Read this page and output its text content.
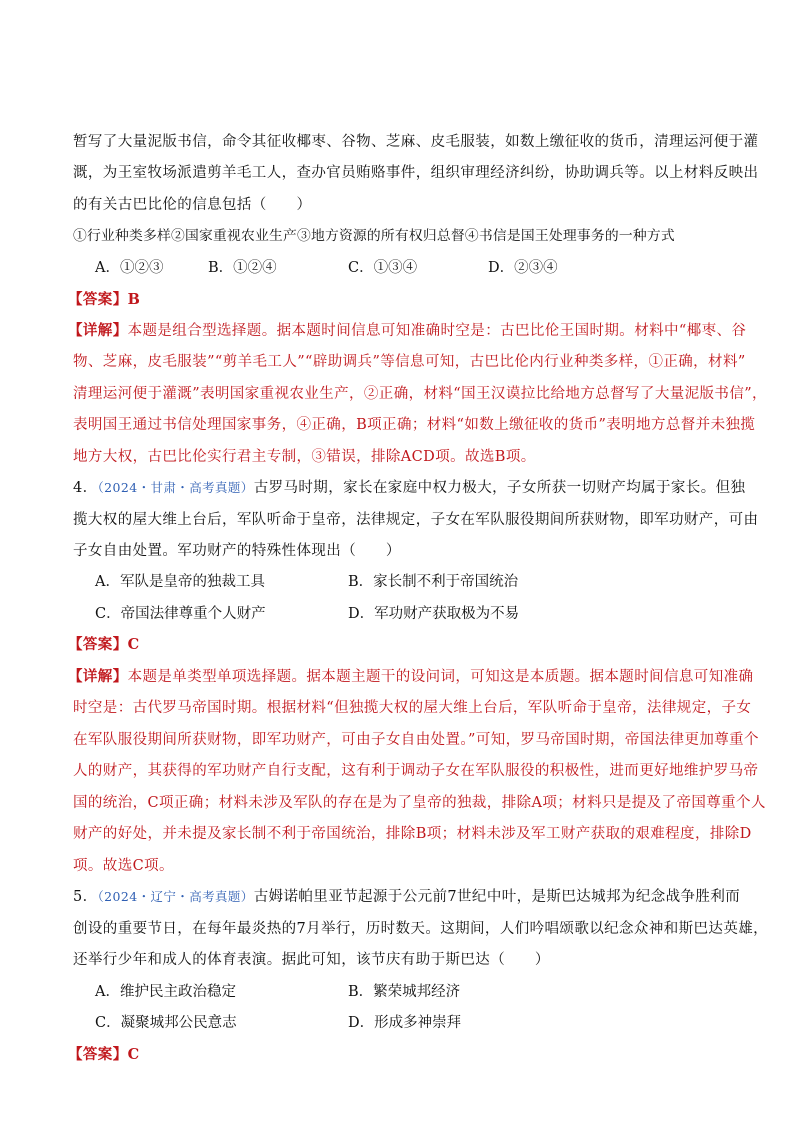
暂写了大量泥版书信，命令其征收椰枣、谷物、芝麻、皮毛服装，如数上缴征收的货币，清理运河便于灌
溉，为王室牧场派遣剪羊毛工人，查办官员贿赂事件，组织审理经济纠纷，协助调兵等。以上材料反映出
的有关古巴比伦的信息包括（　　）
①行业种类多样②国家重视农业生产③地方资源的所有权归总督④书信是国王处理事务的一种方式
A．①②③	B．①②④	C．①③④	D．②③④
【答案】B
【详解】本题是组合型选择题。据本题时间信息可知准确时空是：古巴比伦王国时期。材料中“椰枣、谷
物、芝麻，皮毛服装”“剪羊毛工人”“辟助调兵”等信息可知，古巴比伦内行业种类多样，①正确，材料”
清理运河便于灌溉”表明国家重视农业生产，②正确，材料“国王汉谟拉比给地方总督写了大量泥版书信”，
表明国王通过书信处理国家事务，④正确，B项正确；材料“如数上缴征收的货币”表明地方总督并未独揽
地方大权，古巴比伦实行君主专制，③错误，排除ACD项。故选B项。
4．（2024・甘肃・高考真题）古罗马时期，家长在家庭中权力极大，子女所获一切财产均属于家长。但独
揽大权的屋大维上台后，军队听命于皇帝，法律规定，子女在军队服役期间所获财物，即军功财产，可由
子女自由处置。军功财产的特殊性体现出（　　）
A．军队是皇帝的独裁工具	B．家长制不利于帝国统治
C．帝国法律尊重个人财产	D．军功财产获取极为不易
【答案】C
【详解】本题是单类型单项选择题。据本题主题干的设问词，可知这是本质题。据本题时间信息可知准确
时空是：古代罗马帝国时期。根据材料“但独揽大权的屋大维上台后，军队听命于皇帝，法律规定，子女
在军队服役期间所获财物，即军功财产，可由子女自由处置。”可知，罗马帝国时期，帝国法律更加尊重个
人的财产，其获得的军功财产自行支配，这有利于调动子女在军队服役的积极性，进而更好地维护罗马帝
国的统治，C项正确；材料未涉及军队的存在是为了皇帝的独裁，排除A项；材料只是提及了帝国尊重个人
财产的好处，并未提及家长制不利于帝国统治，排除B项；材料未涉及军工财产获取的艰难程度，排除D
项。故选C项。
5．（2024・辽宁・高考真题）古姆诺帕里亚节起源于公元前7世纪中叶，是斯巴达城邦为纪念战争胜利而
创设的重要节日，在每年最炎热的7月举行，历时数天。这期间，人们吟唱颂歌以纪念众神和斯巴达英雄，
还举行少年和成人的体育表演。据此可知，该节庆有助于斯巴达（　　）
A．维护民主政治稳定	B．繁荣城邦经济
C．凝聚城邦公民意志	D．形成多神崇拜
【答案】C
